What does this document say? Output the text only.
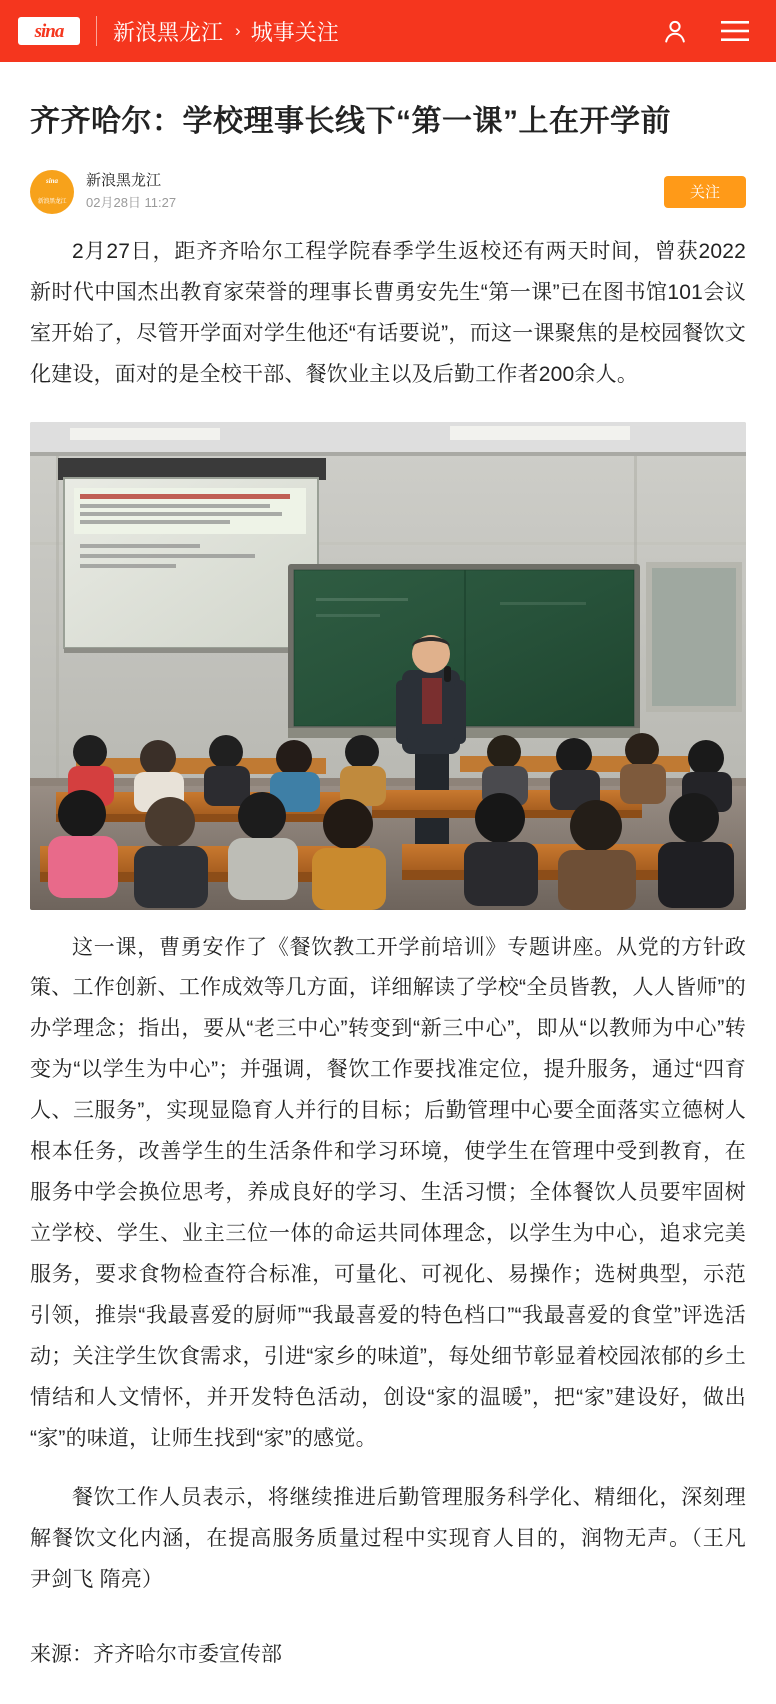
sina 新浪黑龙江 › 城事关注
齐齐哈尔：学校理事长线下“第一课”上在开学前
sina
新浪黑龙江
新浪黑龙江
02月28日 11:27
关注

2月27日，距齐齐哈尔工程学院春季学生返校还有两天时间，曾获2022新时代中国杰出教育家荣誉的理事长曹勇安先生“第一课”已在图书馆101会议室开始了，尽管开学面对学生他还“有话要说”，而这一课聚焦的是校园餐饮文化建设，面对的是全校干部、餐饮业主以及后勤工作者200余人。

这一课，曹勇安作了《餐饮教工开学前培训》专题讲座。从党的方针政策、工作创新、工作成效等几方面，详细解读了学校“全员皆教，人人皆师”的办学理念；指出，要从“老三中心”转变到“新三中心”，即从“以教师为中心”转变为“以学生为中心”；并强调，餐饮工作要找准定位，提升服务，通过“四育人、三服务”，实现显隐育人并行的目标；后勤管理中心要全面落实立德树人根本任务，改善学生的生活条件和学习环境，使学生在管理中受到教育，在服务中学会换位思考，养成良好的学习、生活习惯；全体餐饮人员要牢固树立学校、学生、业主三位一体的命运共同体理念，以学生为中心，追求完美服务，要求食物检查符合标准，可量化、可视化、易操作；选树典型，示范引领，推崇“我最喜爱的厨师”“我最喜爱的特色档口”“我最喜爱的食堂”评选活动；关注学生饮食需求，引进“家乡的味道”，每处细节彰显着校园浓郁的乡土情结和人文情怀，并开发特色活动，创设“家的温暖”，把“家”建设好，做出“家”的味道，让师生找到“家”的感觉。

餐饮工作人员表示，将继续推进后勤管理服务科学化、精细化，深刻理解餐饮文化内涵，在提高服务质量过程中实现育人目的，润物无声。（王凡 尹剑飞 隋亮）

来源：齐齐哈尔市委宣传部
